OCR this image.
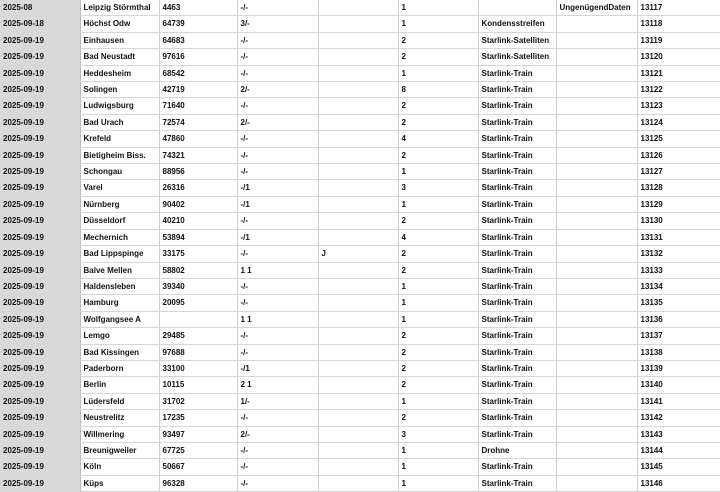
2025-08	Leipzig Störmthal	4463	-/-		1		UngenügendDaten	13117
2025-09-18	Höchst Odw	64739	3/-		1	Kondensstreifen		13118
2025-09-19	Einhausen	64683	-/-		2	Starlink-Satelliten		13119
2025-09-19	Bad Neustadt	97616	-/-		2	Starlink-Satelliten		13120
2025-09-19	Heddesheim	68542	-/-		1	Starlink-Train		13121
2025-09-19	Solingen	42719	2/-		8	Starlink-Train		13122
2025-09-19	Ludwigsburg	71640	-/-		2	Starlink-Train		13123
2025-09-19	Bad Urach	72574	2/-		2	Starlink-Train		13124
2025-09-19	Krefeld	47860	-/-		4	Starlink-Train		13125
2025-09-19	Bietigheim Biss.	74321	-/-		2	Starlink-Train		13126
2025-09-19	Schongau	88956	-/-		1	Starlink-Train		13127
2025-09-19	Varel	26316	-/1		3	Starlink-Train		13128
2025-09-19	Nürnberg	90402	-/1		1	Starlink-Train		13129
2025-09-19	Düsseldorf	40210	-/-		2	Starlink-Train		13130
2025-09-19	Mechernich	53894	-/1		4	Starlink-Train		13131
2025-09-19	Bad Lippspinge	33175	-/-	J	2	Starlink-Train		13132
2025-09-19	Balve Mellen	58802	1 1		2	Starlink-Train		13133
2025-09-19	Haldensleben	39340	-/-		1	Starlink-Train		13134
2025-09-19	Hamburg	20095	-/-		1	Starlink-Train		13135
2025-09-19	Wolfgangsee A		1 1		1	Starlink-Train		13136
2025-09-19	Lemgo	29485	-/-		2	Starlink-Train		13137
2025-09-19	Bad Kissingen	97688	-/-		2	Starlink-Train		13138
2025-09-19	Paderborn	33100	-/1		2	Starlink-Train		13139
2025-09-19	Berlin	10115	2 1		2	Starlink-Train		13140
2025-09-19	Lüdersfeld	31702	1/-		1	Starlink-Train		13141
2025-09-19	Neustrelitz	17235	-/-		2	Starlink-Train		13142
2025-09-19	Willmering	93497	2/-		3	Starlink-Train		13143
2025-09-19	Breunigweiler	67725	-/-		1	Drohne		13144
2025-09-19	Köln	50667	-/-		1	Starlink-Train		13145
2025-09-19	Küps	96328	-/-		1	Starlink-Train		13146
